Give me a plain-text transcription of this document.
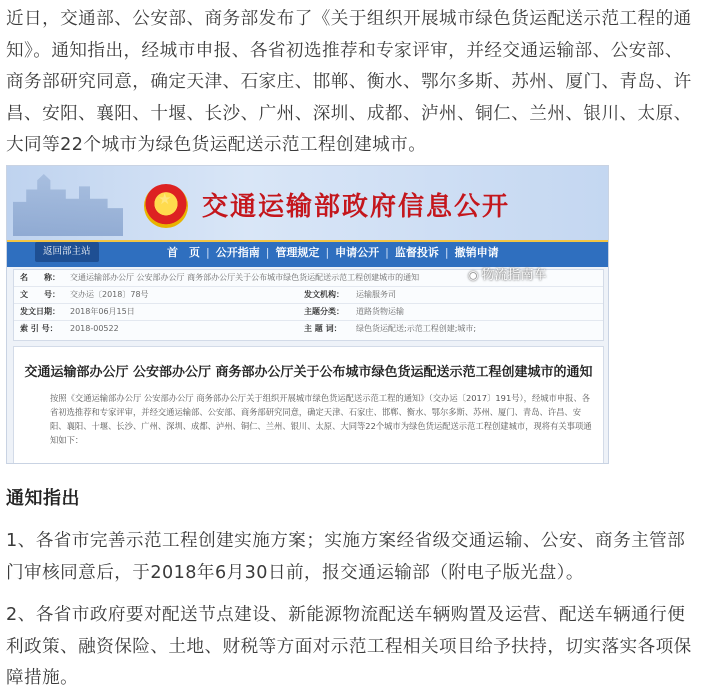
近日，交通部、公安部、商务部发布了《关于组织开展城市绿色货运配送示范工程的通知》。通知指出，经城市申报、各省初选推荐和专家评审，并经交通运输部、公安部、商务部研究同意，确定天津、石家庄、邯郸、衡水、鄂尔多斯、苏州、厦门、青岛、许昌、安阳、襄阳、十堰、长沙、广州、深圳、成都、泸州、铜仁、兰州、银川、太原、大同等22个城市为绿色货运配送示范工程创建城市。
★ 交通运输部政府信息公开
返回部主站	首　页 | 公开指南 | 管理规定 | 申请公开 | 监督投诉 | 撤销申请
名　　称： 交通运输部办公厅 公安部办公厅 商务部办公厅关于公布城市绿色货运配送示范工程创建城市的通知
文　　号： 交办运〔2018〕78号	发文机构： 运输服务司
发文日期： 2018年06月15日	主题分类： 道路货物运输
索 引 号： 2018-00522	主 题 词： 绿色货运配送;示范工程创建;城市;
交通运输部办公厅 公安部办公厅 商务部办公厅关于公布城市绿色货运配送示范工程创建城市的通知
按照《交通运输部办公厅 公安部办公厅 商务部办公厅关于组织开展城市绿色货运配送示范工程的通知》（交办运〔2017〕191号），经城市申报、各省初选推荐和专家评审，并经交通运输部、公安部、商务部研究同意，确定天津、石家庄、邯郸、衡水、鄂尔多斯、苏州、厦门、青岛、许昌、安阳、襄阳、十堰、长沙、广州、深圳、成都、泸州、铜仁、兰州、银川、太原、大同等22个城市为绿色货运配送示范工程创建城市，现将有关事项通知如下：
◉ 物流指南车
通知指出
1、各省市完善示范工程创建实施方案；实施方案经省级交通运输、公安、商务主管部门审核同意后，于2018年6月30日前，报交通运输部（附电子版光盘）。
2、各省市政府要对配送节点建设、新能源物流配送车辆购置及运营、配送车辆通行便利政策、融资保险、土地、财税等方面对示范工程相关项目给予扶持，切实落实各项保障措施。
